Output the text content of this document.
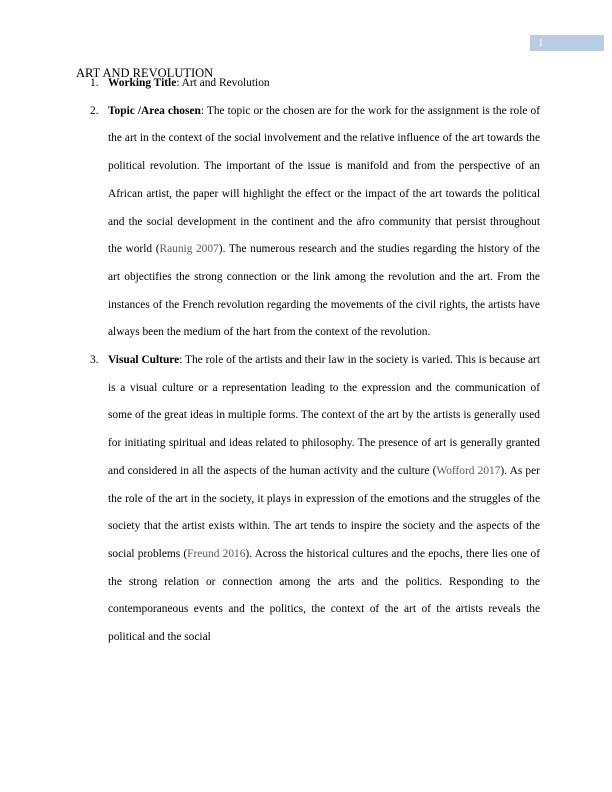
1
ART AND REVOLUTION
1. Working Title: Art and Revolution
2. Topic /Area chosen: The topic or the chosen are for the work for the assignment is the role of the art in the context of the social involvement and the relative influence of the art towards the political revolution. The important of the issue is manifold and from the perspective of an African artist, the paper will highlight the effect or the impact of the art towards the political and the social development in the continent and the afro community that persist throughout the world (Raunig 2007). The numerous research and the studies regarding the history of the art objectifies the strong connection or the link among the revolution and the art. From the instances of the French revolution regarding the movements of the civil rights, the artists have always been the medium of the hart from the context of the revolution.
3. Visual Culture: The role of the artists and their law in the society is varied. This is because art is a visual culture or a representation leading to the expression and the communication of some of the great ideas in multiple forms. The context of the art by the artists is generally used for initiating spiritual and ideas related to philosophy. The presence of art is generally granted and considered in all the aspects of the human activity and the culture (Wofford 2017). As per the role of the art in the society, it plays in expression of the emotions and the struggles of the society that the artist exists within. The art tends to inspire the society and the aspects of the social problems (Freund 2016). Across the historical cultures and the epochs, there lies one of the strong relation or connection among the arts and the politics. Responding to the contemporaneous events and the politics, the context of the art of the artists reveals the political and the social
